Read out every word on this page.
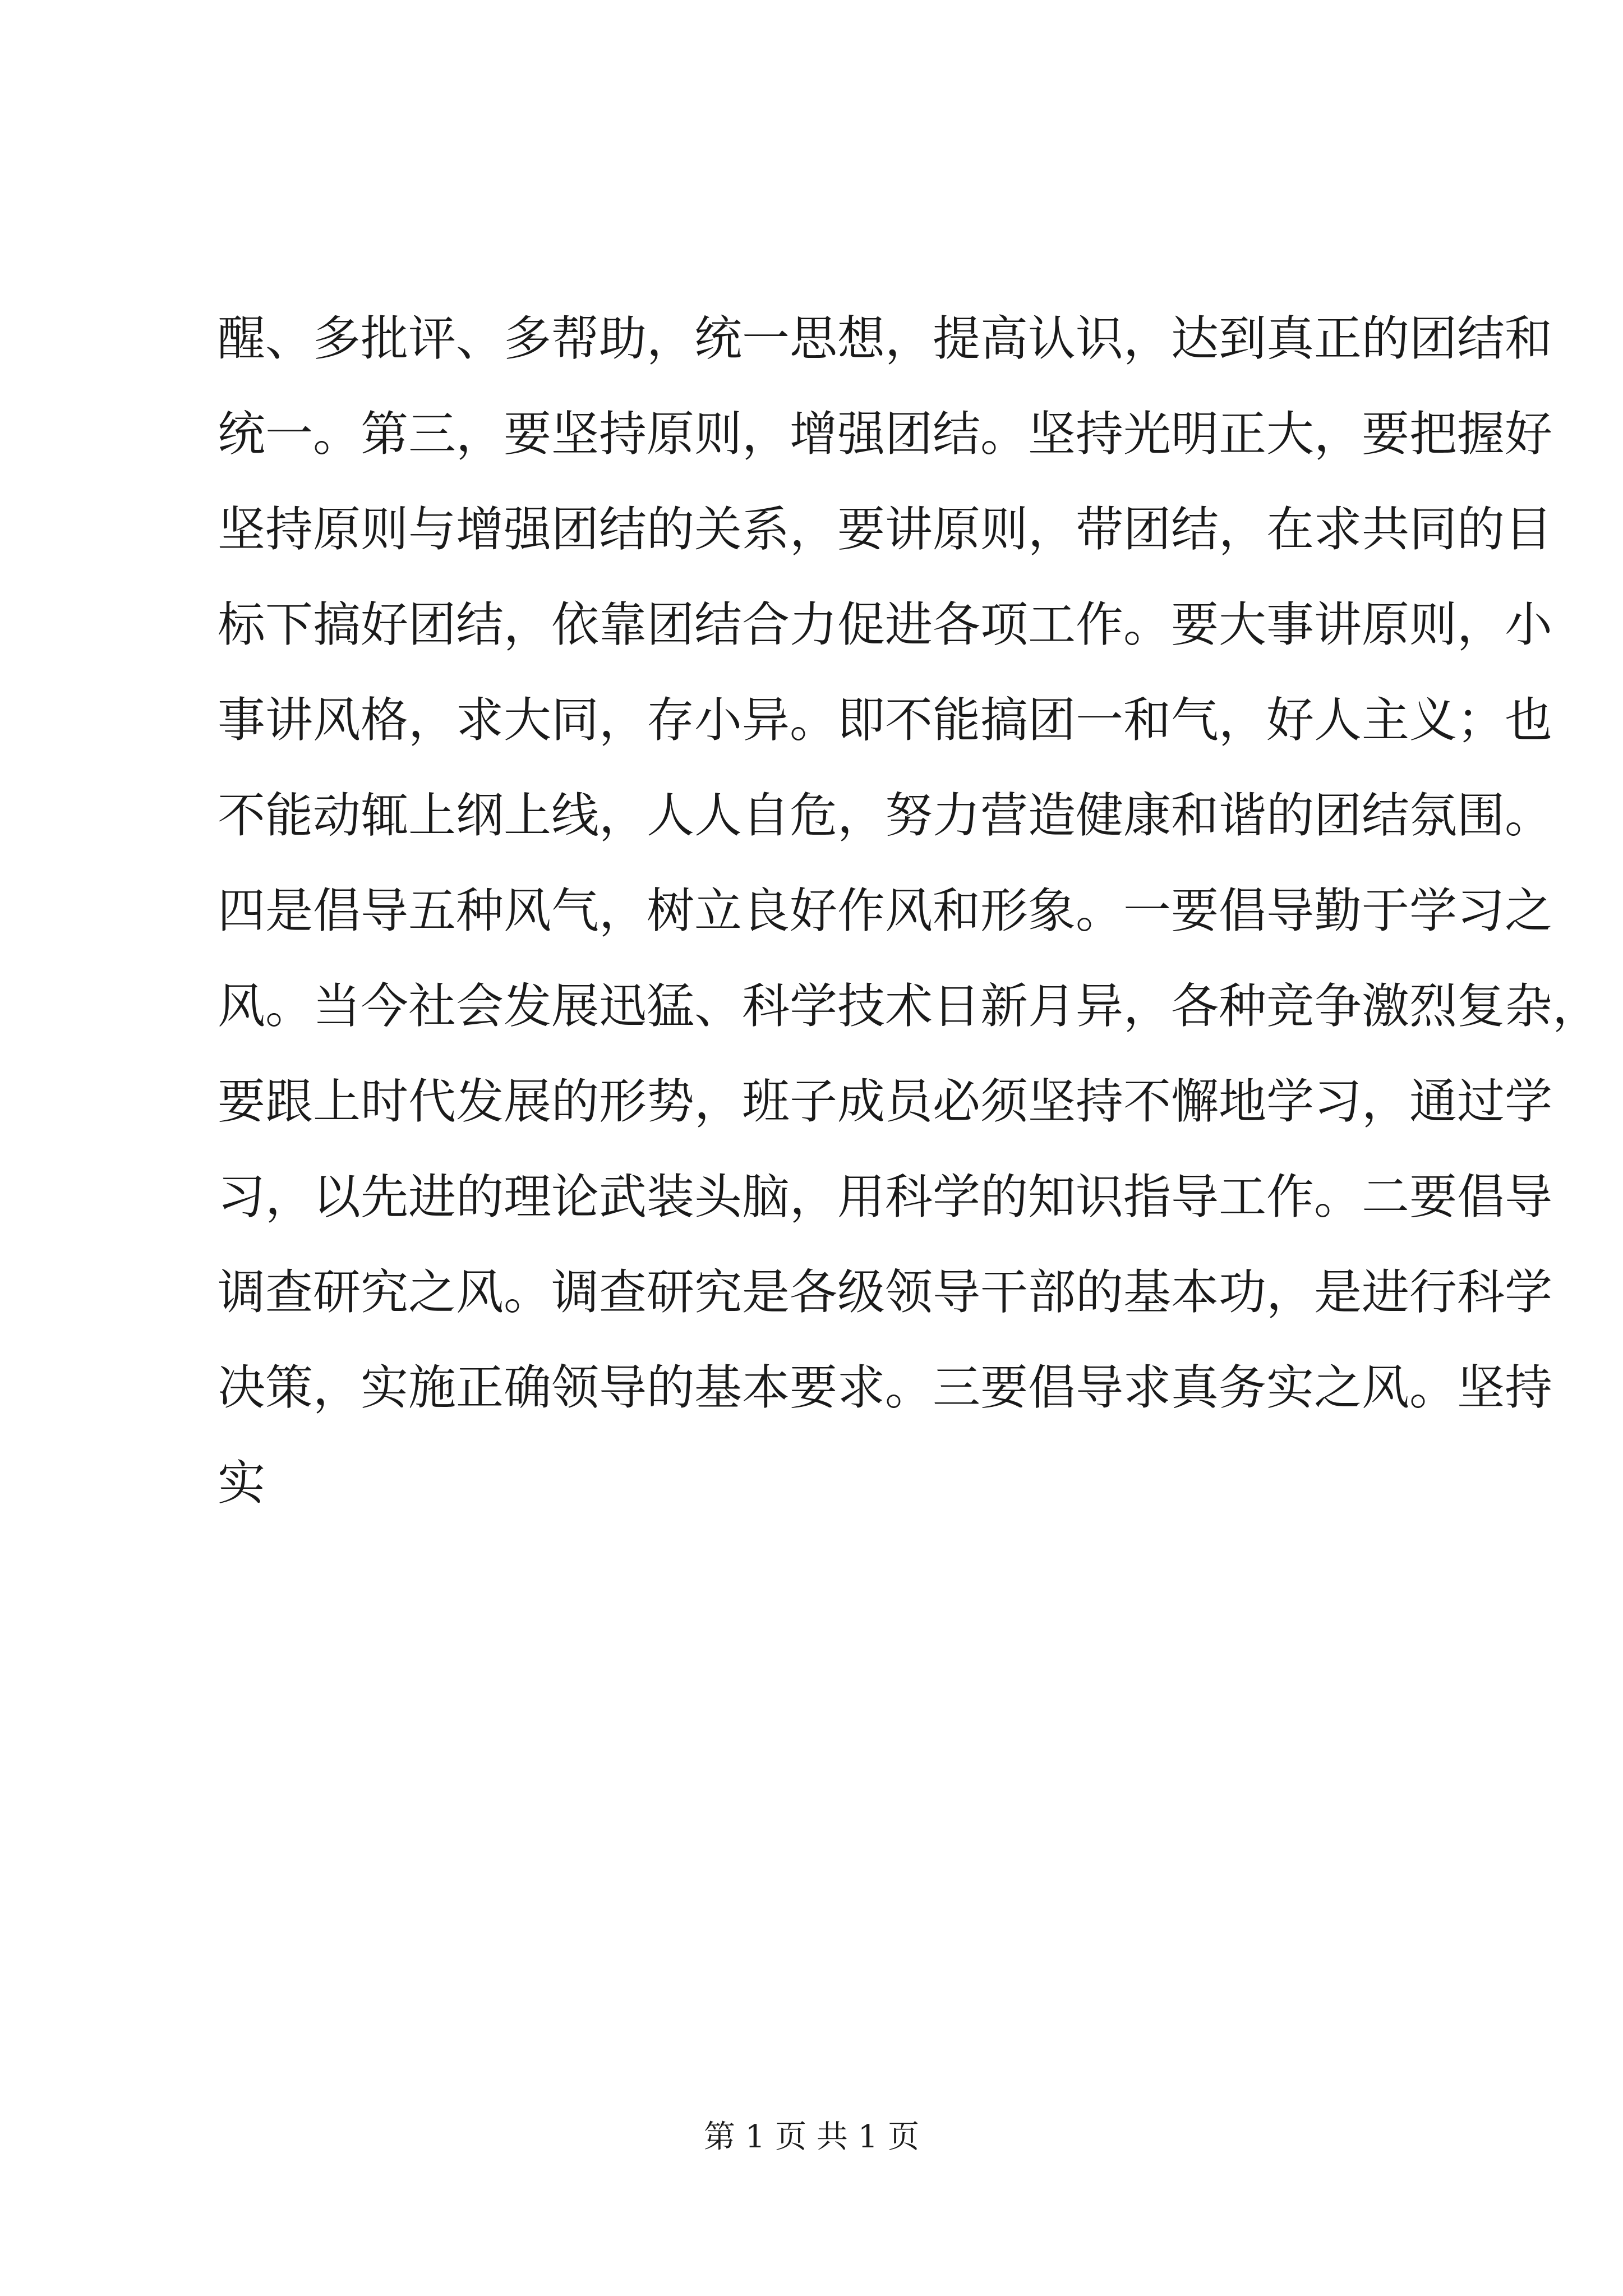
醒、多批评、多帮助，统一思想，提高认识，达到真正的团结和
统一。第三，要坚持原则，增强团结。坚持光明正大，要把握好
坚持原则与增强团结的关系，要讲原则，带团结，在求共同的目
标下搞好团结，依靠团结合力促进各项工作。要大事讲原则，小
事讲风格，求大同，存小异。即不能搞团一和气，好人主义；也
不能动辄上纲上线，人人自危，努力营造健康和谐的团结氛围。
四是倡导五种风气，树立良好作风和形象。一要倡导勤于学习之
风。当今社会发展迅猛、科学技术日新月异，各种竞争激烈复杂，
要跟上时代发展的形势，班子成员必须坚持不懈地学习，通过学
习，以先进的理论武装头脑，用科学的知识指导工作。二要倡导
调查研究之风。调查研究是各级领导干部的基本功，是进行科学
决策，实施正确领导的基本要求。三要倡导求真务实之风。坚持
实
第 1 页 共 1 页
